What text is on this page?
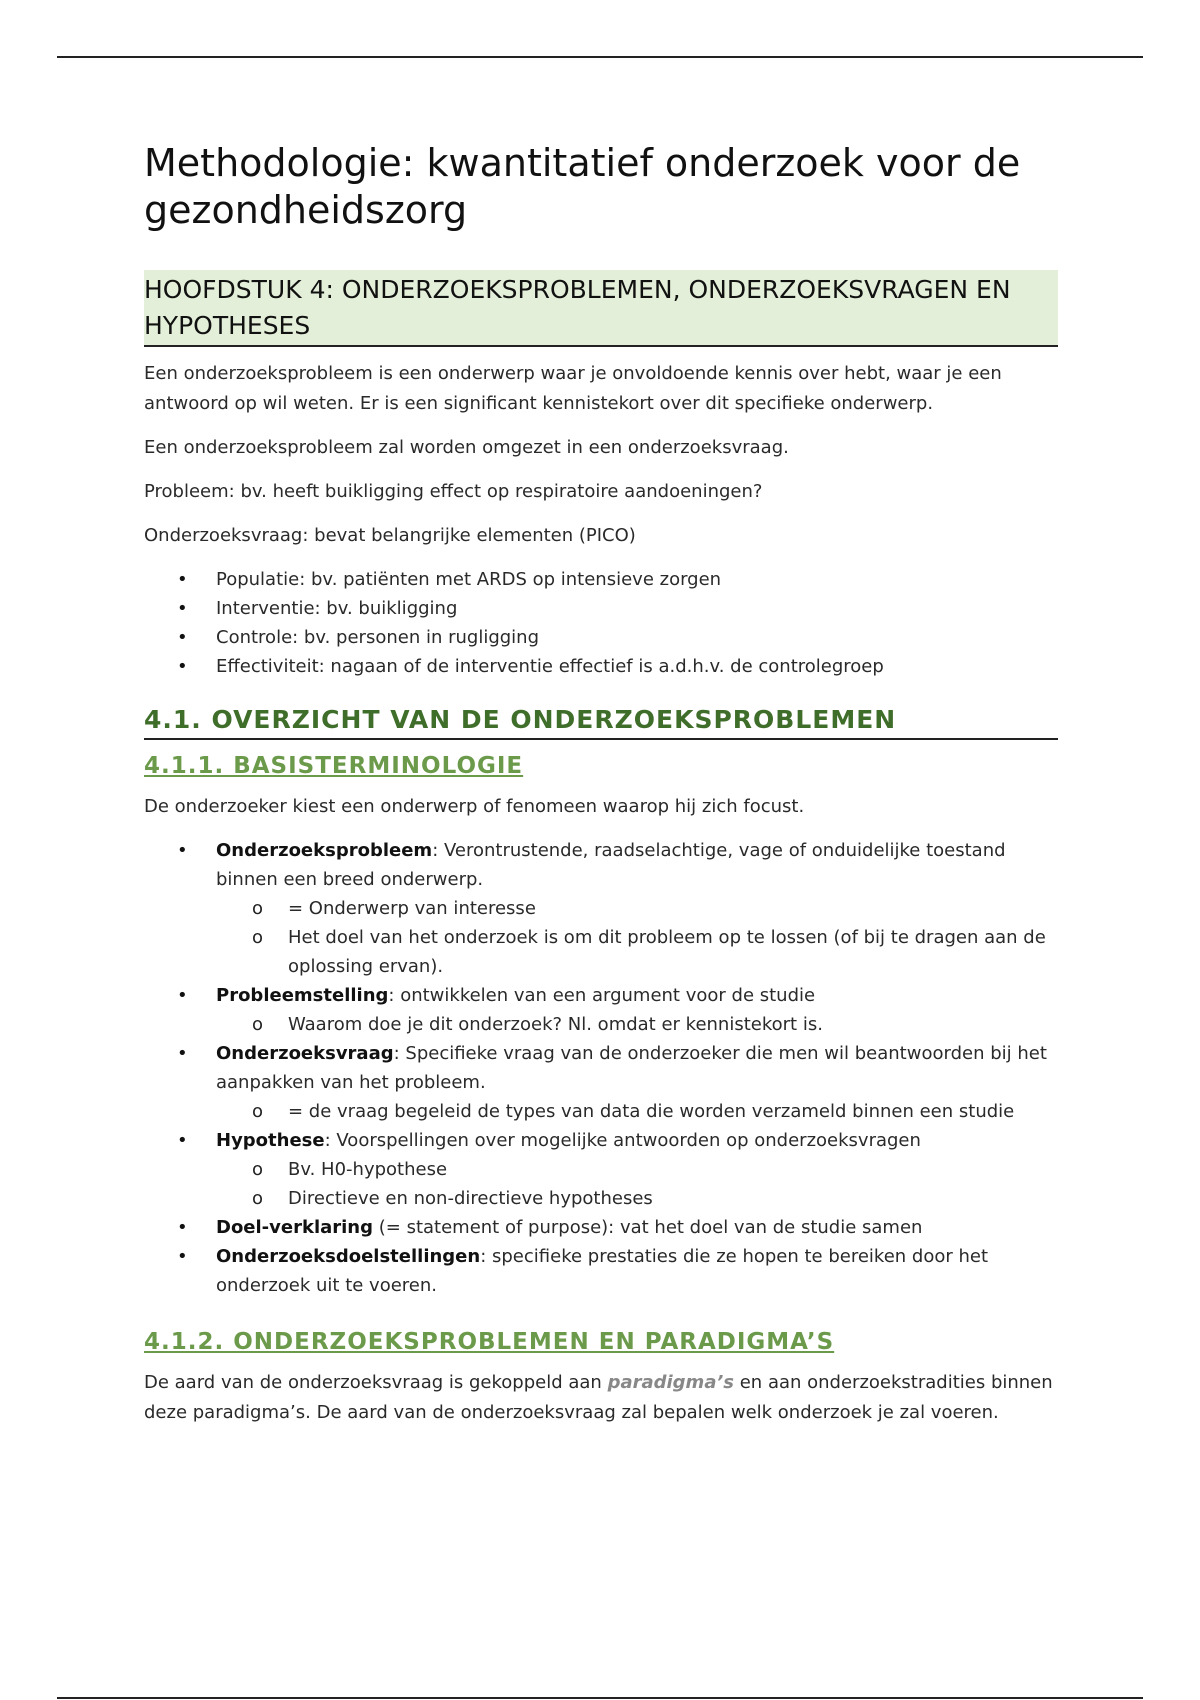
Methodologie: kwantitatief onderzoek voor de gezondheidszorg
HOOFDSTUK 4: ONDERZOEKSPROBLEMEN, ONDERZOEKSVRAGEN EN HYPOTHESES

Een onderzoeksprobleem is een onderwerp waar je onvoldoende kennis over hebt, waar je een antwoord op wil weten. Er is een significant kennistekort over dit specifieke onderwerp.

Een onderzoeksprobleem zal worden omgezet in een onderzoeksvraag.

Probleem: bv. heeft buikligging effect op respiratoire aandoeningen?

Onderzoeksvraag: bevat belangrijke elementen (PICO)

• Populatie: bv. patiënten met ARDS op intensieve zorgen
• Interventie: bv. buikligging
• Controle: bv. personen in rugligging
• Effectiviteit: nagaan of de interventie effectief is a.d.h.v. de controlegroep
4.1. OVERZICHT VAN DE ONDERZOEKSPROBLEMEN
4.1.1. BASISTERMINOLOGIE

De onderzoeker kiest een onderwerp of fenomeen waarop hij zich focust.

• Onderzoeksprobleem: Verontrustende, raadselachtige, vage of onduidelijke toestand binnen een breed onderwerp.
o = Onderwerp van interesse
o Het doel van het onderzoek is om dit probleem op te lossen (of bij te dragen aan de oplossing ervan).
• Probleemstelling: ontwikkelen van een argument voor de studie
o Waarom doe je dit onderzoek? Nl. omdat er kennistekort is.
• Onderzoeksvraag: Specifieke vraag van de onderzoeker die men wil beantwoorden bij het aanpakken van het probleem.
o = de vraag begeleid de types van data die worden verzameld binnen een studie
• Hypothese: Voorspellingen over mogelijke antwoorden op onderzoeksvragen
o Bv. H0-hypothese
o Directieve en non-directieve hypotheses
• Doel-verklaring (= statement of purpose): vat het doel van de studie samen
• Onderzoeksdoelstellingen: specifieke prestaties die ze hopen te bereiken door het onderzoek uit te voeren.
4.1.2. ONDERZOEKSPROBLEMEN EN PARADIGMA’S

De aard van de onderzoeksvraag is gekoppeld aan paradigma’s en aan onderzoekstradities binnen deze paradigma’s. De aard van de onderzoeksvraag zal bepalen welk onderzoek je zal voeren.
